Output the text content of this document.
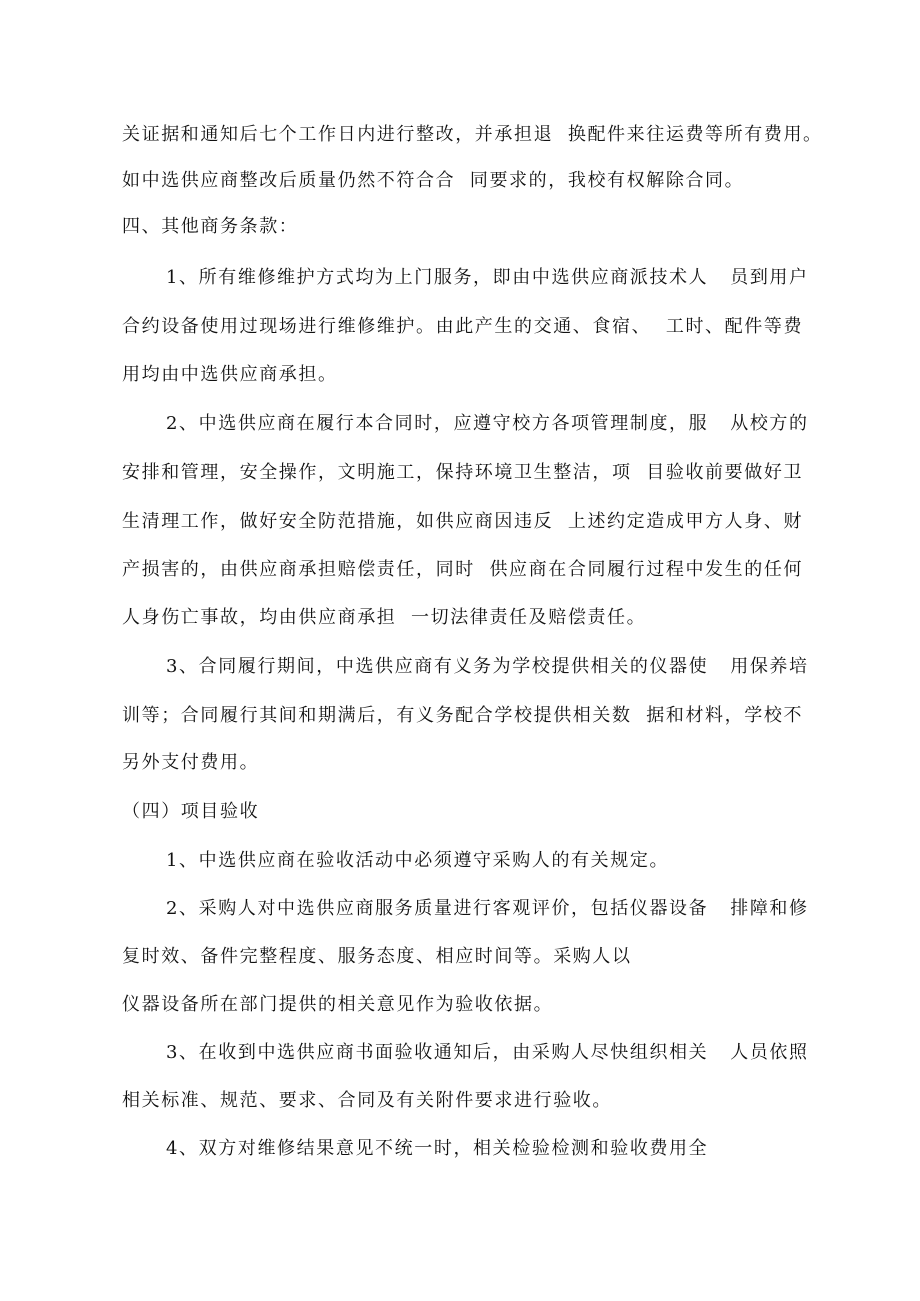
关证据和通知后七个工作日内进行整改，并承担退  换配件来往运费等所有费用。
如中选供应商整改后质量仍然不符合合  同要求的，我校有权解除合同。
四、其他商务条款：
1、所有维修维护方式均为上门服务，即由中选供应商派技术人   员到用户
合约设备使用过现场进行维修维护。由此产生的交通、食宿、  工时、配件等费
用均由中选供应商承担。
2、中选供应商在履行本合同时，应遵守校方各项管理制度，服   从校方的
安排和管理，安全操作，文明施工，保持环境卫生整洁，项  目验收前要做好卫
生清理工作，做好安全防范措施，如供应商因违反  上述约定造成甲方人身、财
产损害的，由供应商承担赔偿责任，同时  供应商在合同履行过程中发生的任何
人身伤亡事故，均由供应商承担  一切法律责任及赔偿责任。
3、合同履行期间，中选供应商有义务为学校提供相关的仪器使   用保养培
训等；合同履行其间和期满后，有义务配合学校提供相关数  据和材料，学校不
另外支付费用。
（四）项目验收
1、中选供应商在验收活动中必须遵守采购人的有关规定。
2、采购人对中选供应商服务质量进行客观评价，包括仪器设备   排障和修
复时效、备件完整程度、服务态度、相应时间等。采购人以
仪器设备所在部门提供的相关意见作为验收依据。
3、在收到中选供应商书面验收通知后，由采购人尽快组织相关   人员依照
相关标准、规范、要求、合同及有关附件要求进行验收。
4、双方对维修结果意见不统一时，相关检验检测和验收费用全
